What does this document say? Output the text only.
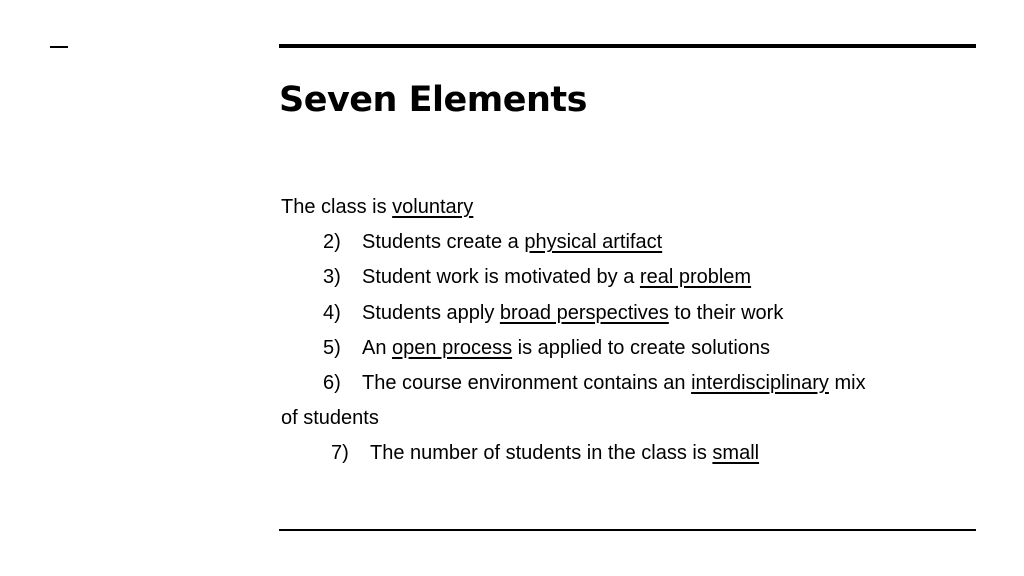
Seven Elements
The class is voluntary
2) Students create a physical artifact
3) Student work is motivated by a real problem
4) Students apply broad perspectives to their work
5) An open process is applied to create solutions
6) The course environment contains an interdisciplinary mix
of students
7) The number of students in the class is small
